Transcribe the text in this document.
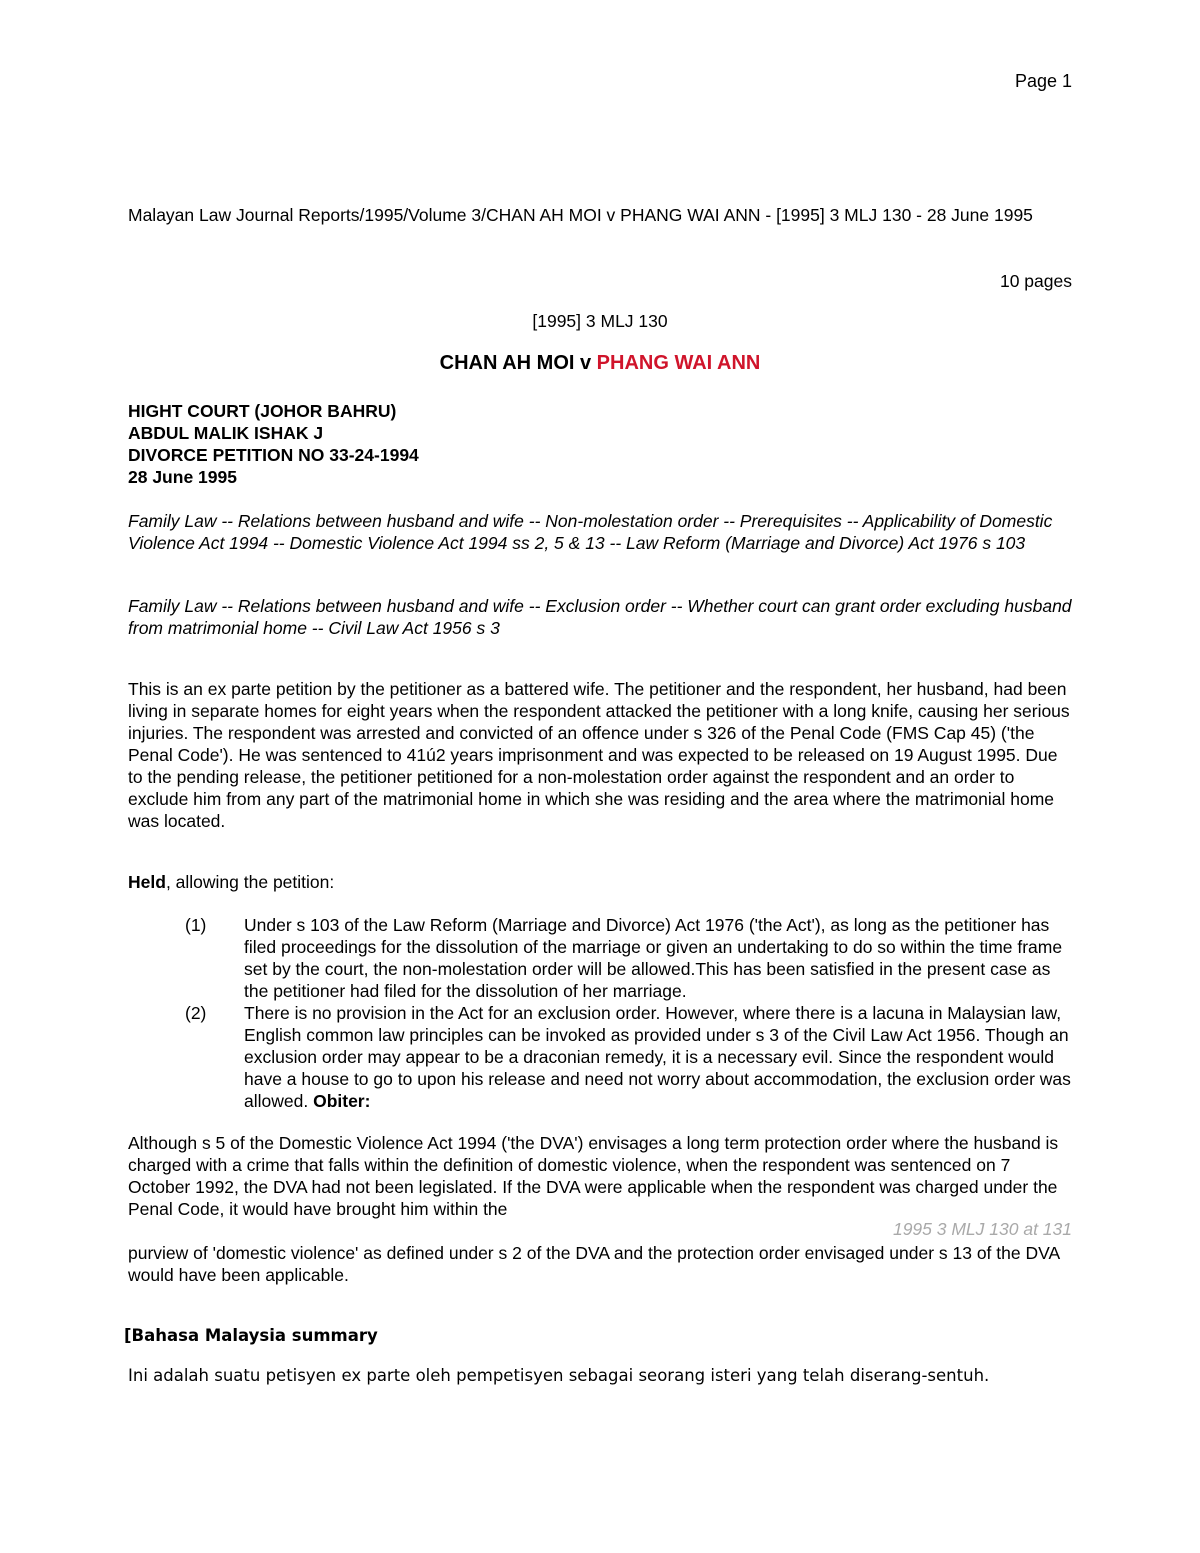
Page 1
Malayan Law Journal Reports/1995/Volume 3/CHAN AH MOI v PHANG WAI ANN - [1995] 3 MLJ 130 - 28 June 1995
10 pages
[1995] 3 MLJ 130
CHAN AH MOI v PHANG WAI ANN
HIGHT COURT (JOHOR BAHRU)
ABDUL MALIK ISHAK J
DIVORCE PETITION NO 33-24-1994
28 June 1995
Family Law -- Relations between husband and wife -- Non-molestation order -- Prerequisites -- Applicability of Domestic Violence Act 1994 -- Domestic Violence Act 1994 ss 2, 5 & 13 -- Law Reform (Marriage and Divorce) Act 1976 s 103
Family Law -- Relations between husband and wife -- Exclusion order -- Whether court can grant order excluding husband from matrimonial home -- Civil Law Act 1956 s 3
This is an ex parte petition by the petitioner as a battered wife. The petitioner and the respondent, her husband, had been living in separate homes for eight years when the respondent attacked the petitioner with a long knife, causing her serious injuries. The respondent was arrested and convicted of an offence under s 326 of the Penal Code (FMS Cap 45) ('the Penal Code'). He was sentenced to 41ú2 years imprisonment and was expected to be released on 19 August 1995. Due to the pending release, the petitioner petitioned for a non-molestation order against the respondent and an order to exclude him from any part of the matrimonial home in which she was residing and the area where the matrimonial home was located.
Held, allowing the petition:
(1)	Under s 103 of the Law Reform (Marriage and Divorce) Act 1976 ('the Act'), as long as the petitioner has filed proceedings for the dissolution of the marriage or given an undertaking to do so within the time frame set by the court, the non-molestation order will be allowed.This has been satisfied in the present case as the petitioner had filed for the dissolution of her marriage.
(2)	There is no provision in the Act for an exclusion order. However, where there is a lacuna in Malaysian law, English common law principles can be invoked as provided under s 3 of the Civil Law Act 1956. Though an exclusion order may appear to be a draconian remedy, it is a necessary evil. Since the respondent would have a house to go to upon his release and need not worry about accommodation, the exclusion order was allowed. Obiter:
Although s 5 of the Domestic Violence Act 1994 ('the DVA') envisages a long term protection order where the husband is charged with a crime that falls within the definition of domestic violence, when the respondent was sentenced on 7 October 1992, the DVA had not been legislated. If the DVA were applicable when the respondent was charged under the Penal Code, it would have brought him within the
1995 3 MLJ 130 at 131
purview of 'domestic violence' as defined under s 2 of the DVA and the protection order envisaged under s 13 of the DVA would have been applicable.
[Bahasa Malaysia summary
Ini adalah suatu petisyen ex parte oleh pempetisyen sebagai seorang isteri yang telah diserang-sentuh.
